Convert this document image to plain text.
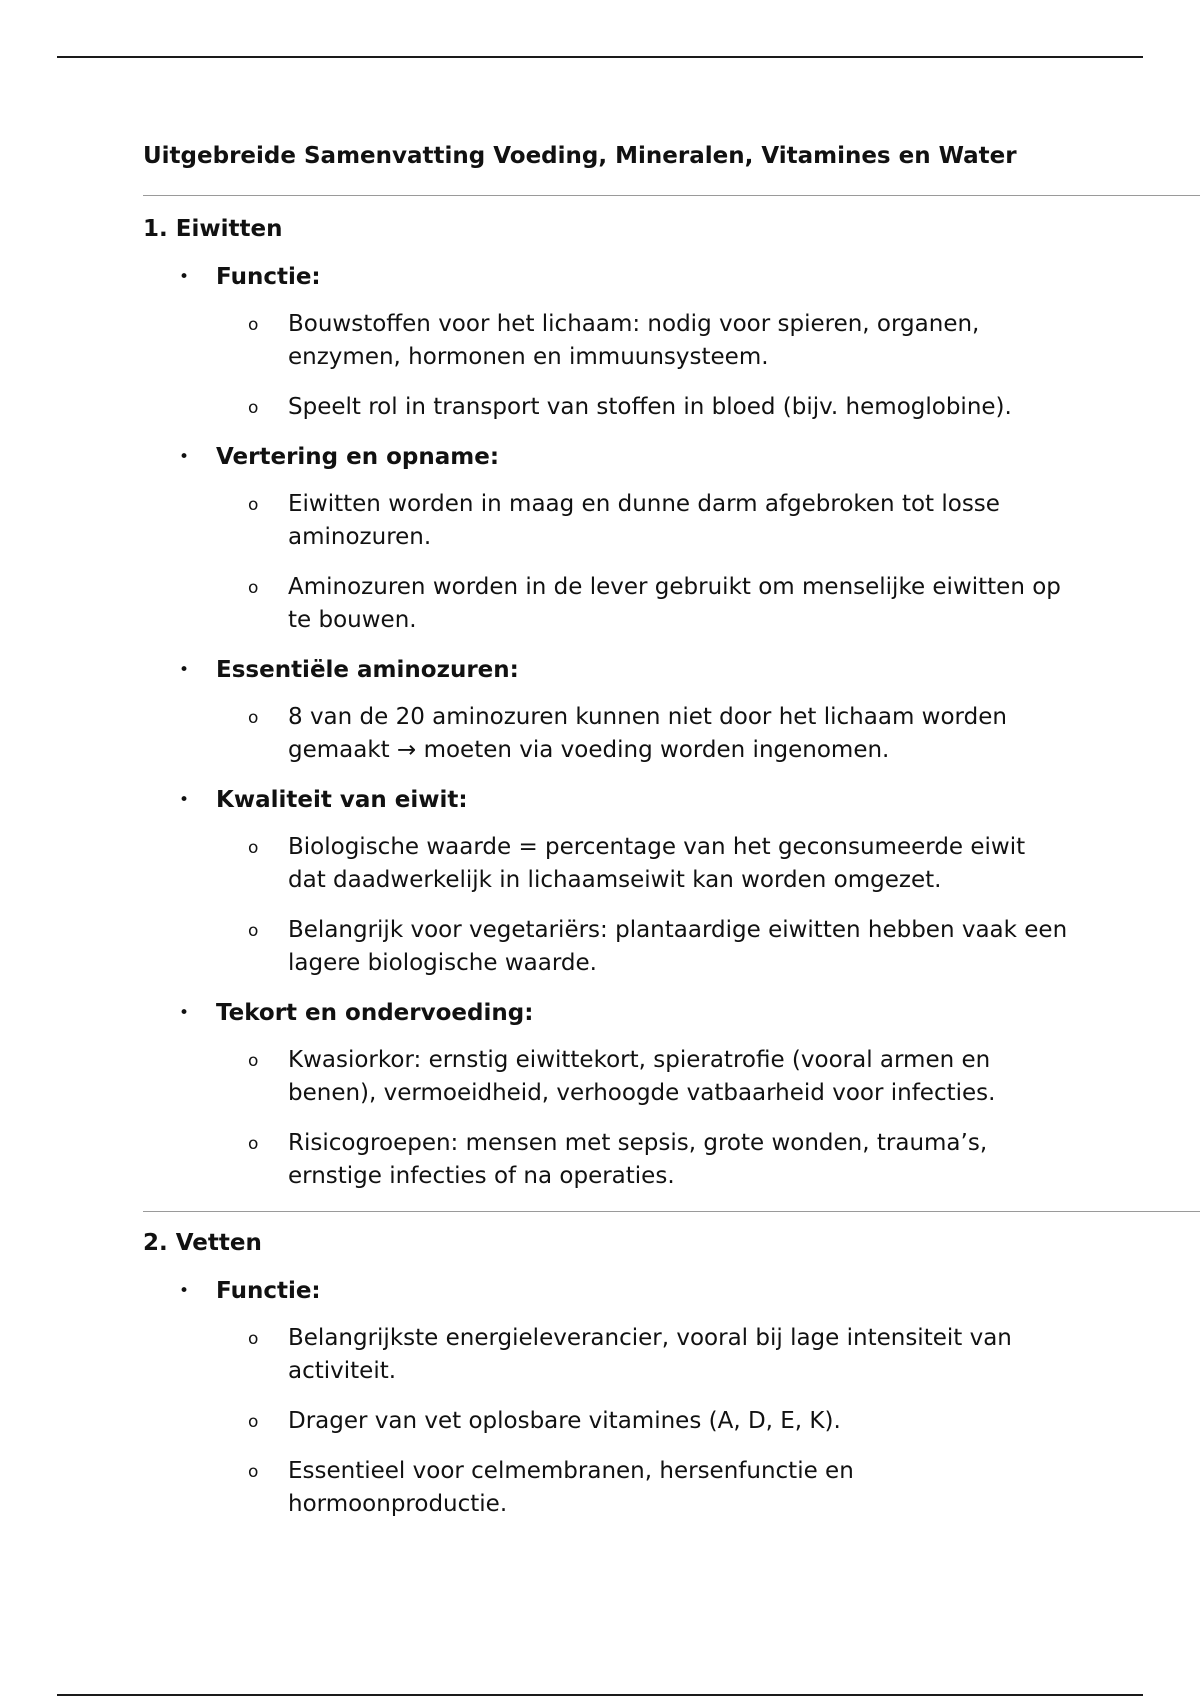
Uitgebreide Samenvatting Voeding, Mineralen, Vitamines en Water
1. Eiwitten
• Functie:
o Bouwstoffen voor het lichaam: nodig voor spieren, organen, enzymen, hormonen en immuunsysteem.
o Speelt rol in transport van stoffen in bloed (bijv. hemoglobine).
• Vertering en opname:
o Eiwitten worden in maag en dunne darm afgebroken tot losse aminozuren.
o Aminozuren worden in de lever gebruikt om menselijke eiwitten op te bouwen.
• Essentiële aminozuren:
o 8 van de 20 aminozuren kunnen niet door het lichaam worden gemaakt → moeten via voeding worden ingenomen.
• Kwaliteit van eiwit:
o Biologische waarde = percentage van het geconsumeerde eiwit dat daadwerkelijk in lichaamseiwit kan worden omgezet.
o Belangrijk voor vegetariërs: plantaardige eiwitten hebben vaak een lagere biologische waarde.
• Tekort en ondervoeding:
o Kwasiorkor: ernstig eiwittekort, spieratrofie (vooral armen en benen), vermoeidheid, verhoogde vatbaarheid voor infecties.
o Risicogroepen: mensen met sepsis, grote wonden, trauma’s, ernstige infecties of na operaties.
2. Vetten
• Functie:
o Belangrijkste energieleverancier, vooral bij lage intensiteit van activiteit.
o Drager van vet oplosbare vitamines (A, D, E, K).
o Essentieel voor celmembranen, hersenfunctie en hormoonproductie.
